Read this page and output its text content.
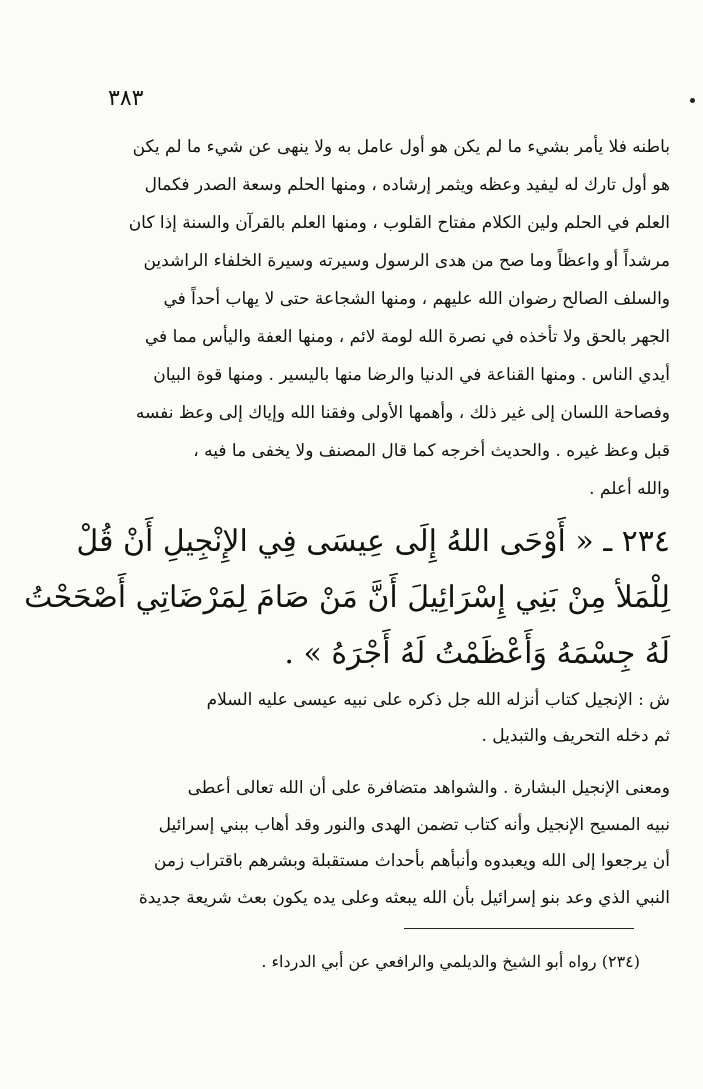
٣٨٣
باطنه فلا يأمر بشيء ما لم يكن هو أول عامل به ولا ينهى عن شيء ما لم يكن
هو أول تارك له ليفيد وعظه ويثمر إرشاده ، ومنها الحلم وسعة الصدر فكمال
العلم في الحلم ولين الكلام مفتاح القلوب ، ومنها العلم بالقرآن والسنة إذا كان
مرشداً أو واعظاً وما صح من هدى الرسول وسيرته وسيرة الخلفاء الراشدين
والسلف الصالح رضوان الله عليهم ، ومنها الشجاعة حتى لا يهاب أحداً في
الجهر بالحق ولا تأخذه في نصرة الله لومة لائم ، ومنها العفة واليأس مما في
أيدي الناس . ومنها القناعة في الدنيا والرضا منها باليسير . ومنها قوة البيان
وفصاحة اللسان إلى غير ذلك ، وأهمها الأولى وفقنا الله وإياك إلى وعظ نفسه
قبل وعظ غيره . والحديث أخرجه كما قال المصنف ولا يخفى ما فيه ،
والله أعلم .
٢٣٤ ـ « أَوْحَى اللهُ إِلَى عِيسَى فِي الإِنْجِيلِ أَنْ قُلْ
لِلْمَلأ مِنْ بَنِي إِسْرَائِيلَ أَنَّ مَنْ صَامَ لِمَرْضَاتِي أَصْحَحْتُ
لَهُ جِسْمَهُ وَأَعْظَمْتُ لَهُ أَجْرَهُ » .
ش : الإنجيل كتاب أنزله الله جل ذكره على نبيه عيسى عليه السلام
ثم دخله التحريف والتبديل .
ومعنى الإنجيل البشارة . والشواهد متضافرة على أن الله تعالى أعطى
نبيه المسيح الإنجيل وأنه كتاب تضمن الهدى والنور وقد أهاب ببني إسرائيل
أن يرجعوا إلى الله ويعبدوه وأنبأهم بأحداث مستقبلة وبشرهم باقتراب زمن
النبي الذي وعد بنو إسرائيل بأن الله يبعثه وعلى يده يكون بعث شريعة جديدة
(٢٣٤) رواه أبو الشيخ والديلمي والرافعي عن أبي الدرداء .
